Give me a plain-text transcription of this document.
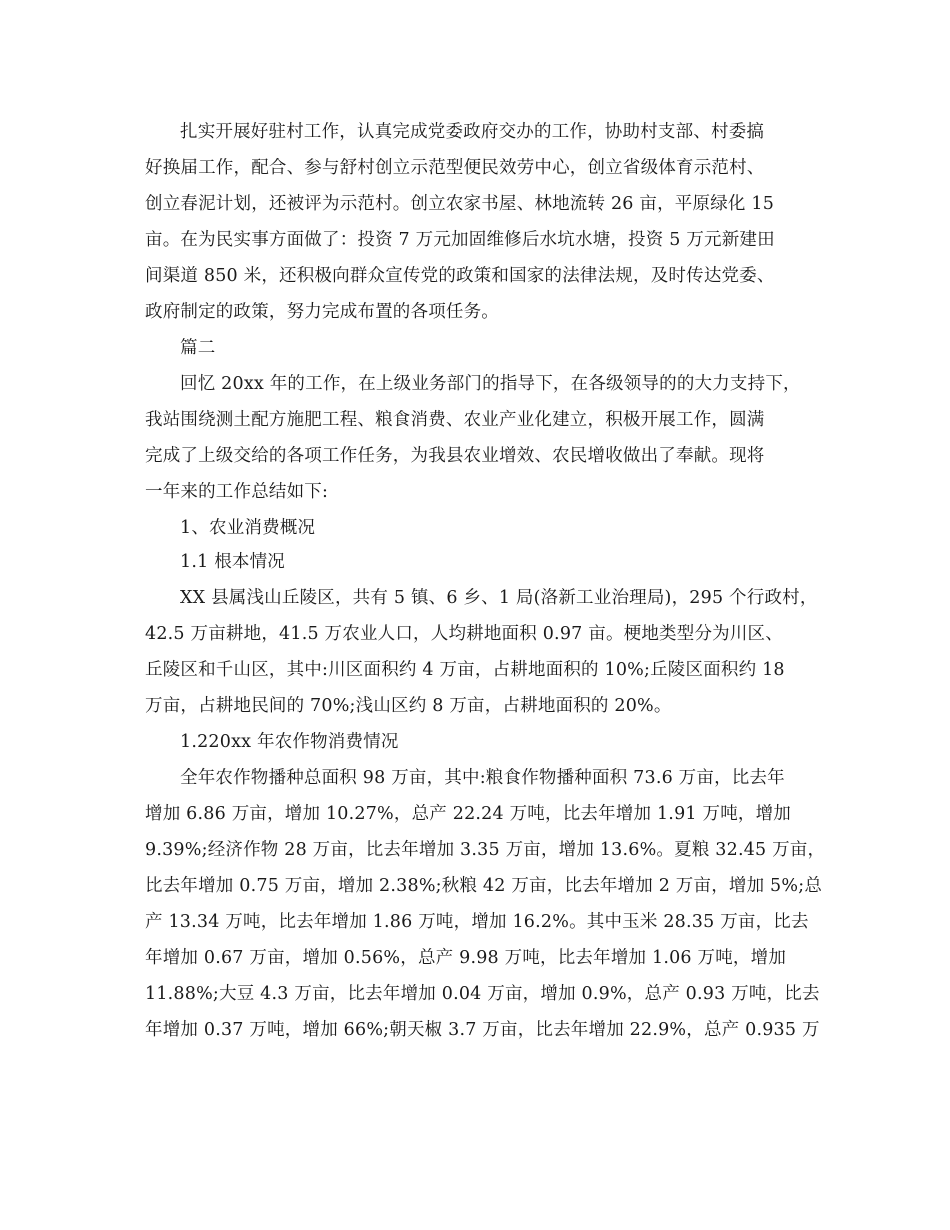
扎实开展好驻村工作，认真完成党委政府交办的工作，协助村支部、村委搞
好换届工作，配合、参与舒村创立示范型便民效劳中心，创立省级体育示范村、
创立春泥计划，还被评为示范村。创立农家书屋、林地流转 26 亩，平原绿化 15
亩。在为民实事方面做了：投资 7 万元加固维修后水坑水塘，投资 5 万元新建田
间渠道 850 米，还积极向群众宣传党的政策和国家的法律法规，及时传达党委、
政府制定的政策，努力完成布置的各项任务。
篇二
回忆 20xx 年的工作，在上级业务部门的指导下，在各级领导的的大力支持下，
我站围绕测土配方施肥工程、粮食消费、农业产业化建立，积极开展工作，圆满
完成了上级交给的各项工作任务，为我县农业增效、农民增收做出了奉献。现将
一年来的工作总结如下:
1、农业消费概况
1.1 根本情况
XX 县属浅山丘陵区，共有 5 镇、6 乡、1 局(洛新工业治理局)，295 个行政村，
42.5 万亩耕地，41.5 万农业人口，人均耕地面积 0.97 亩。梗地类型分为川区、
丘陵区和千山区，其中:川区面积约 4 万亩，占耕地面积的 10%;丘陵区面积约 18
万亩，占耕地民间的 70%;浅山区约 8 万亩，占耕地面积的 20%。
1.220xx 年农作物消费情况
全年农作物播种总面积 98 万亩，其中:粮食作物播种面积 73.6 万亩，比去年
增加 6.86 万亩，增加 10.27%，总产 22.24 万吨，比去年增加 1.91 万吨，增加
9.39%;经济作物 28 万亩，比去年增加 3.35 万亩，增加 13.6%。夏粮 32.45 万亩，
比去年增加 0.75 万亩，增加 2.38%;秋粮 42 万亩，比去年增加 2 万亩，增加 5%;总
产 13.34 万吨，比去年增加 1.86 万吨，增加 16.2%。其中玉米 28.35 万亩，比去
年增加 0.67 万亩，增加 0.56%，总产 9.98 万吨，比去年增加 1.06 万吨，增加
11.88%;大豆 4.3 万亩，比去年增加 0.04 万亩，增加 0.9%，总产 0.93 万吨，比去
年增加 0.37 万吨，增加 66%;朝天椒 3.7 万亩，比去年增加 22.9%，总产 0.935 万
